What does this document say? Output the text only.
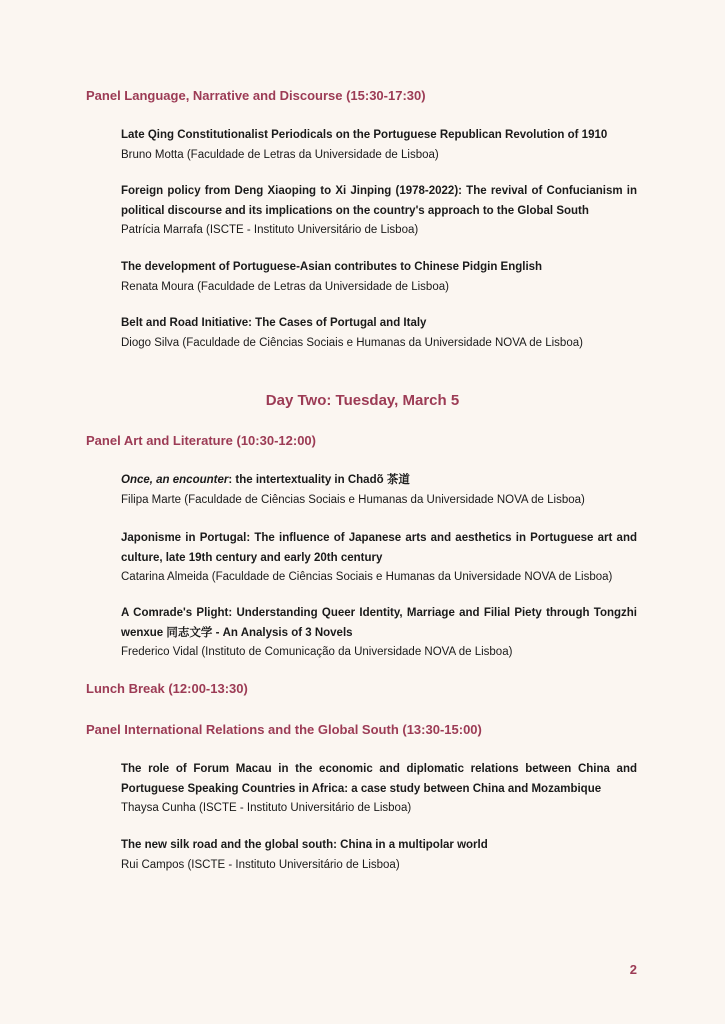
Panel Language, Narrative and Discourse (15:30-17:30)

Late Qing Constitutionalist Periodicals on the Portuguese Republican Revolution of 1910

Bruno Motta (Faculdade de Letras da Universidade de Lisboa)

Foreign policy from Deng Xiaoping to Xi Jinping (1978-2022): The revival of Confucianism in political discourse and its implications on the country's approach to the Global South

Patrícia Marrafa (ISCTE - Instituto Universitário de Lisboa)

The development of Portuguese-Asian contributes to Chinese Pidgin English

Renata Moura (Faculdade de Letras da Universidade de Lisboa)

Belt and Road Initiative: The Cases of Portugal and Italy

Diogo Silva (Faculdade de Ciências Sociais e Humanas da Universidade NOVA de Lisboa)

Day Two: Tuesday, March 5
Panel Art and Literature (10:30-12:00)

Once, an encounter: the intertextuality in Chadõ 茶道

Filipa Marte (Faculdade de Ciências Sociais e Humanas da Universidade NOVA de Lisboa)

Japonisme in Portugal: The influence of Japanese arts and aesthetics in Portuguese art and culture, late 19th century and early 20th century

Catarina Almeida (Faculdade de Ciências Sociais e Humanas da Universidade NOVA de Lisboa)

A Comrade's Plight: Understanding Queer Identity, Marriage and Filial Piety through Tongzhi wenxue 同志文学 - An Analysis of 3 Novels

Frederico Vidal (Instituto de Comunicação da Universidade NOVA de Lisboa)

Lunch Break (12:00-13:30)
Panel International Relations and the Global South (13:30-15:00)

The role of Forum Macau in the economic and diplomatic relations between China and Portuguese Speaking Countries in Africa: a case study between China and Mozambique

Thaysa Cunha (ISCTE - Instituto Universitário de Lisboa)

The new silk road and the global south: China in a multipolar world

Rui Campos (ISCTE - Instituto Universitário de Lisboa)

2
